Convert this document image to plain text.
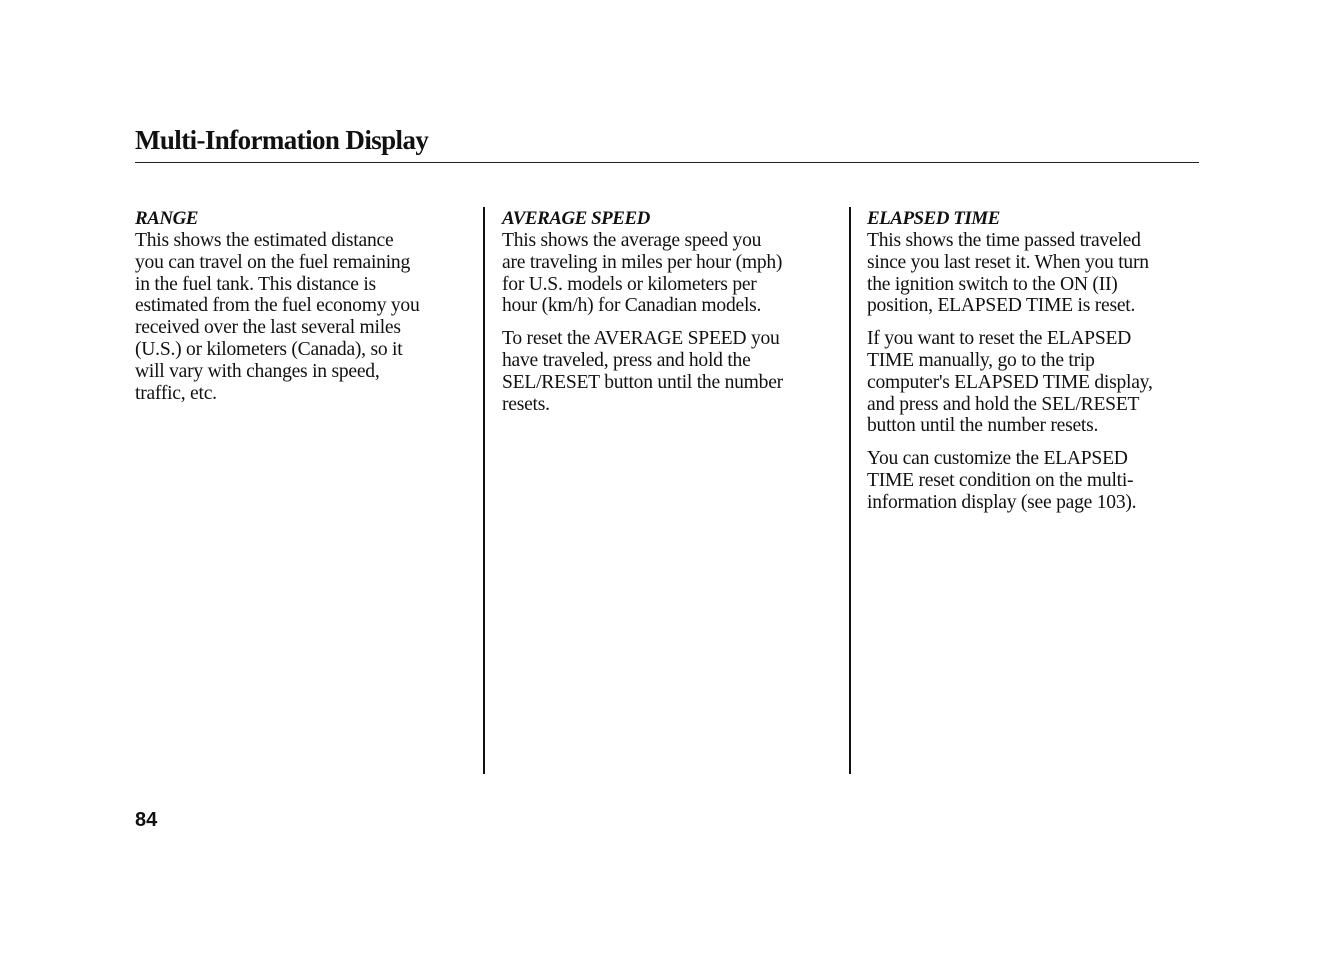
Multi-Information Display
RANGE

This shows the estimated distance
you can travel on the fuel remaining
in the fuel tank. This distance is
estimated from the fuel economy you
received over the last several miles
(U.S.) or kilometers (Canada), so it
will vary with changes in speed,
traffic, etc.

AVERAGE SPEED

This shows the average speed you
are traveling in miles per hour (mph)
for U.S. models or kilometers per
hour (km/h) for Canadian models.

To reset the AVERAGE SPEED you
have traveled, press and hold the
SEL/RESET button until the number
resets.

ELAPSED TIME

This shows the time passed traveled
since you last reset it. When you turn
the ignition switch to the ON (II)
position, ELAPSED TIME is reset.

If you want to reset the ELAPSED
TIME manually, go to the trip
computer's ELAPSED TIME display,
and press and hold the SEL/RESET
button until the number resets.

You can customize the ELAPSED
TIME reset condition on the multi-
information display (see page 103).

84
